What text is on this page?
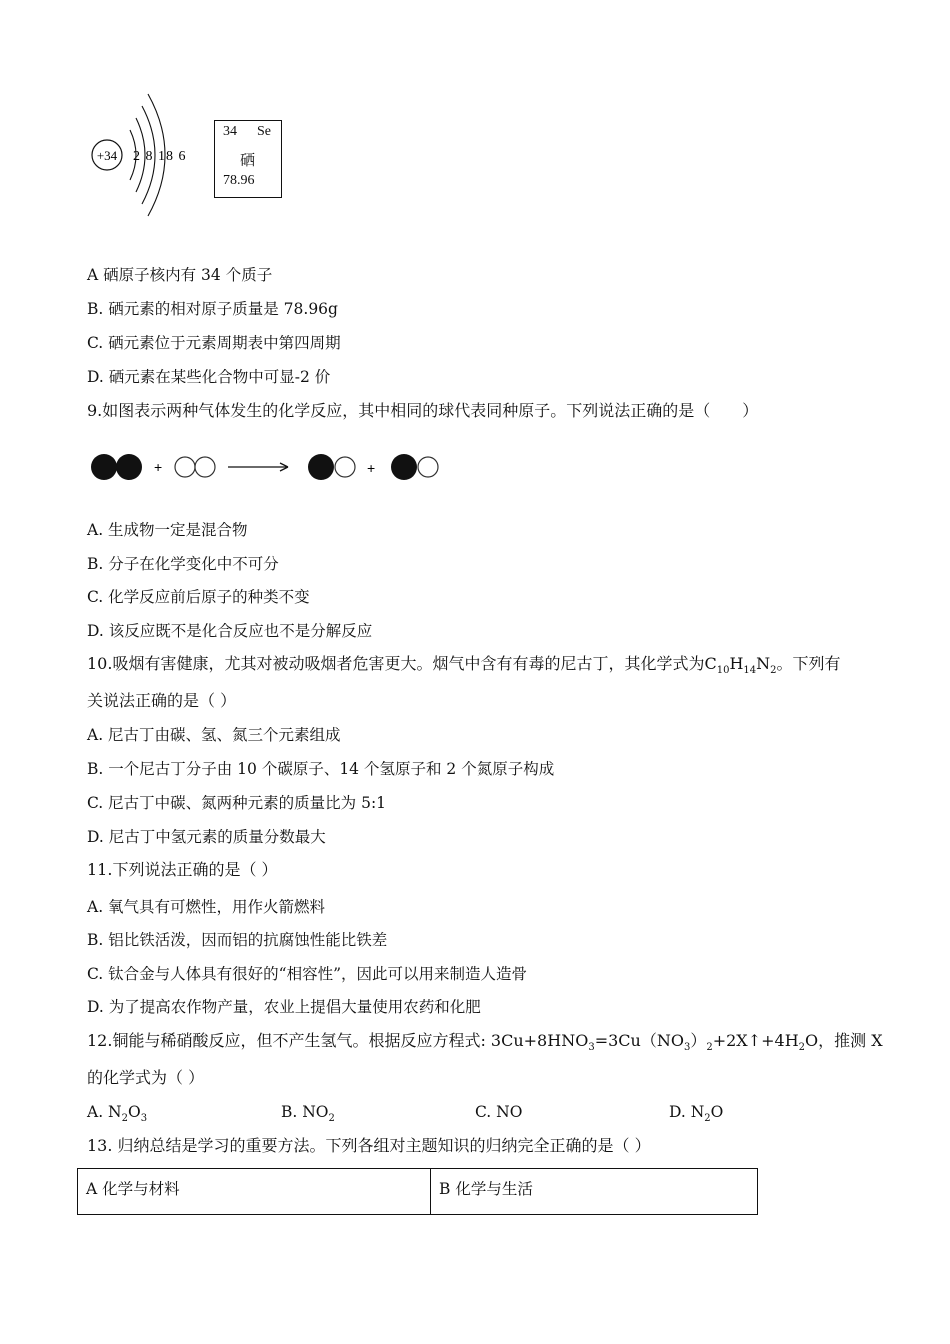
+34 2 8 18 6
34 Se
硒
78.96
A 硒原子核内有 34 个质子
B. 硒元素的相对原子质量是 78.96g
C. 硒元素位于元素周期表中第四周期
D. 硒元素在某些化合物中可显-2 价
9.如图表示两种气体发生的化学反应，其中相同的球代表同种原子。下列说法正确的是（　　）
+	+
A. 生成物一定是混合物
B. 分子在化学变化中不可分
C. 化学反应前后原子的种类不变
D. 该反应既不是化合反应也不是分解反应
10.吸烟有害健康，尤其对被动吸烟者危害更大。烟气中含有有毒的尼古丁，其化学式为$C_{10}H_{14}N_2$。下列有
关说法正确的是（ ）
A. 尼古丁由碳、氢、氮三个元素组成
B. 一个尼古丁分子由 10 个碳原子、14 个氢原子和 2 个氮原子构成
C. 尼古丁中碳、氮两种元素的质量比为 5:1
D. 尼古丁中氢元素的质量分数最大
11.下列说法正确的是（ ）
A. 氧气具有可燃性，用作火箭燃料
B. 铝比铁活泼，因而铝的抗腐蚀性能比铁差
C. 钛合金与人体具有很好的“相容性”，因此可以用来制造人造骨
D. 为了提高农作物产量，农业上提倡大量使用农药和化肥
12.铜能与稀硝酸反应，但不产生氢气。根据反应方程式: $3Cu+8HNO_3=3Cu(NO_3)_2+2X↑+4H_2O$，推测 X
的化学式为（ ）
A. $N_2O_3$	B. $NO_2$	C. NO	D. $N_2O$
13. 归纳总结是学习的重要方法。下列各组对主题知识的归纳完全正确的是（ ）
A 化学与材料	B 化学与生活
